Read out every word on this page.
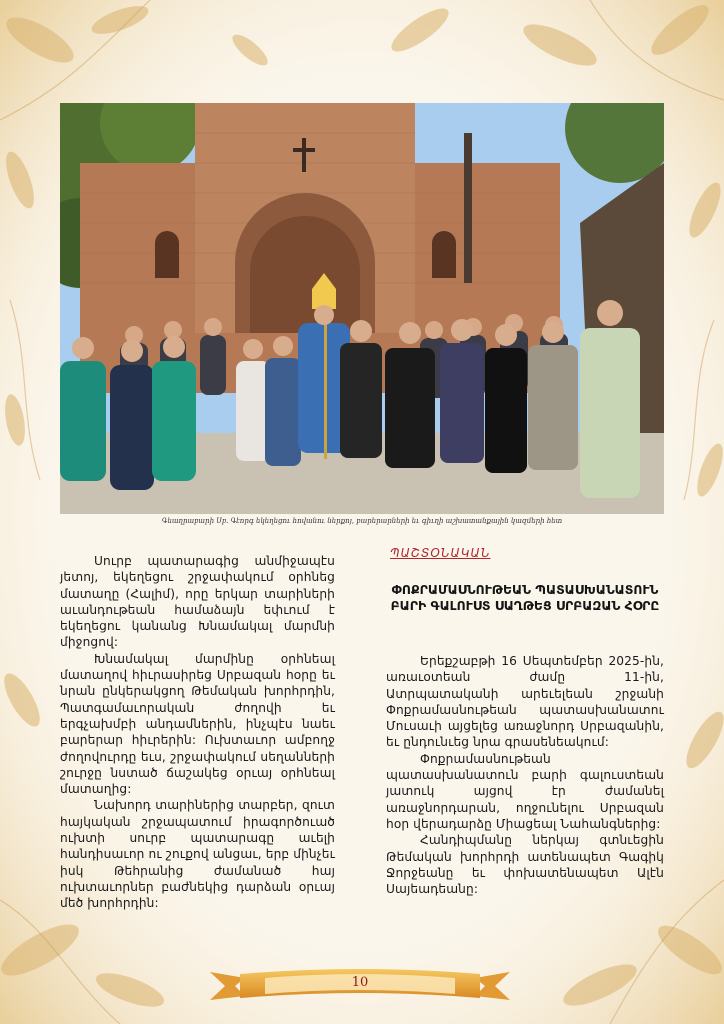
Գեաղրաբարի Սբ. Գէորգ եկեղեցու հովանու ներքոյ, բարերարների եւ գիւղի աշխատանքային կազմերի հետ

Սուրբ պատարագից անմիջապէս յետոյ, եկեղեցու շրջափակում օրհնեց մատաղը (Հալիմ), որը երկար տարիների աւանդութեան համաձայն եփւում է եկեղեցու կանանց Խնամակալ մարմնի միջոցով:

Խնամակալ մարմինը օրհնեալ մատաղով հիւրասիրեց Սրբազան հօրը եւ նրան ընկերակցող Թեմական խորհրդին, Պատգամաւորական ժողովի եւ երգչախմբի անդամներին, ինչպէս նաեւ բարերար հիւրերին: Ուխտաւոր ամբողջ ժողովուրդը եւս, շրջափակում սեղանների շուրջը նստած ճաշակեց օրւայ օրհնեալ մատաղից:

Նախորդ տարիներից տարբեր, զուտ հայկական շրջապատում իրագործուած ուխտի սուրբ պատարագը աւելի հանդիսաւոր ու շուքով անցաւ, երբ մինչեւ իսկ Թեհրանից ժամանած հայ ուխտաւորներ բաժնեկից դարձան օրւայ մեծ խորհրդին:

ՊԱՇՏՕՆԱԿԱՆ
ՓՈՔՐԱՄԱՍՆՈՒԹԵԱՆ ՊԱՏԱՍԽԱՆԱՏՈՒՆ ԲԱՐԻ ԳԱԼՈՒՍՏ ՍԱՂԹԵՑ ՍՐԲԱԶԱՆ ՀՕՐԸ

Երեքշաբթի 16 Սեպտեմբեր 2025-ին, առաւօտեան ժամը 11-ին, Ատրպատականի արեւելեան շրջանի Փոքրամասնութեան պատասխանատու Մուսաւի այցելեց առաջնորդ Սրբազանին, եւ ընդունւեց նրա գրասենեակում:

Փոքրամասնութեան պատասխանատուն բարի գալուստեան յատուկ այցով էր ժամանել առաջնորդարան, ողջունելու Սրբազան հօր վերադարձը Միացեալ Նահանգներից:

Հանդիպմանը ներկայ գտնւեցին Թեմական խորհրդի ատենապետ Գագիկ Ջորջեանը եւ փոխատենապետ Ալէն Սայեադեանը:

10
